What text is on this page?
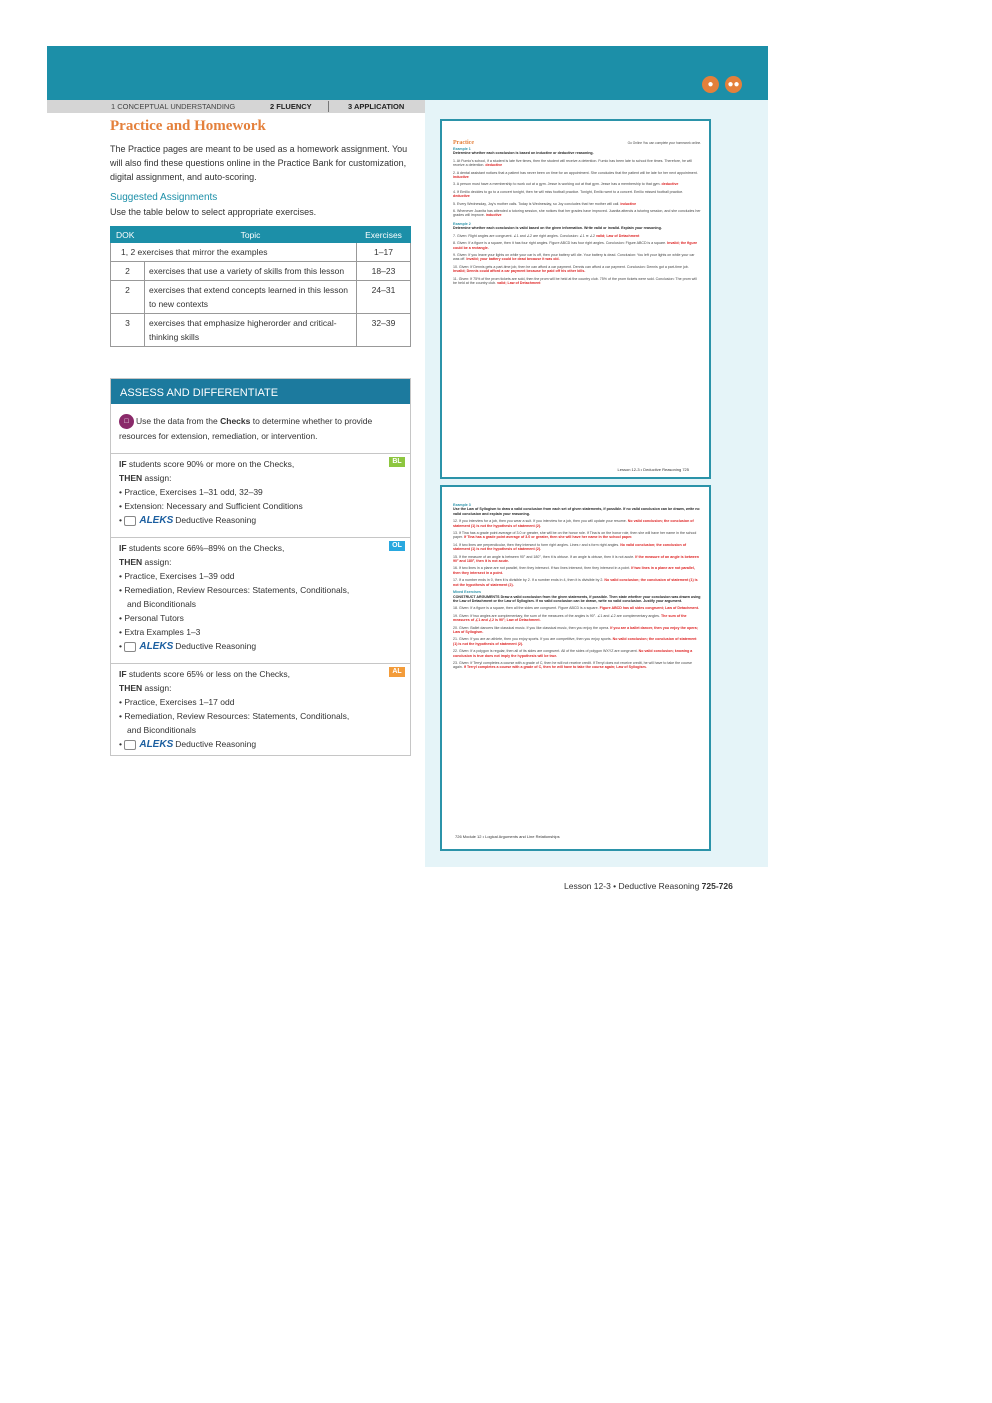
●	●●
3 REFLECT AND PRACTICE
1 CONCEPTUAL UNDERSTANDING	2 FLUENCY	3 APPLICATION
Practice	Go Online You can complete your homework online.
Example 1

Determine whether each conclusion is based on inductive or deductive reasoning.

1. At Fumio's school, if a student is late five times, then the student will receive a detention. Fumio has been late to school five times. Therefore, he will receive a detention. deductive

2. A dental assistant notices that a patient has never been on time for an appointment. She concludes that the patient will be late for her next appointment. inductive

3. A person must have a membership to work out at a gym. Jesse is working out at that gym. Jesse has a membership to that gym. deductive

4. If Emilio decides to go to a concert tonight, then he will miss football practice. Tonight, Emilio went to a concert. Emilio missed football practice. deductive

5. Every Wednesday, Joy's mother calls. Today is Wednesday, so Joy concludes that her mother will call. inductive

6. Whenever Juanita has attended a tutoring session, she notices that her grades have improved. Juanita attends a tutoring session, and she concludes her grades will improve. inductive

Example 2

Determine whether each conclusion is valid based on the given information. Write valid or invalid. Explain your reasoning.

7. Given: Right angles are congruent. ∠1 and ∠2 are right angles. Conclusion: ∠1 ≅ ∠2 valid; Law of Detachment

8. Given: If a figure is a square, then it has four right angles. Figure ABCD has four right angles. Conclusion: Figure ABCD is a square. Invalid; the figure could be a rectangle.

9. Given: If you leave your lights on while your car is off, then your battery will die. Your battery is dead. Conclusion: You left your lights on while your car was off. Invalid; your battery could be dead because it was old.

10. Given: If Dennis gets a part-time job, then he can afford a car payment. Dennis can afford a car payment. Conclusion: Dennis got a part-time job. Invalid; Dennis could afford a car payment because he paid off his other bills.

11. Given: If 75% of the prom tickets are sold, then the prom will be held at the country club. 75% of the prom tickets were sold. Conclusion: The prom will be held at the country club. valid; Law of Detachment

Lesson 12-3 • Deductive Reasoning 725
Example 3

Use the Law of Syllogism to draw a valid conclusion from each set of given statements, if possible. If no valid conclusion can be drawn, write no valid conclusion and explain your reasoning.

12. If you interview for a job, then you wear a suit. If you interview for a job, then you will update your resume. No valid conclusion; the conclusion of statement (1) is not the hypothesis of statement (2).

13. If Tina has a grade point average of 3.0 or greater, she will be on the honor role. If Tina is on the honor role, then she will have her name in the school paper. If Tina has a grade point average of 3.0 or greater, then she will have her name in the school paper.

14. If two lines are perpendicular, then they intersect to form right angles. Lines r and s form right angles. No valid conclusion; the conclusion of statement (1) is not the hypothesis of statement (2).

15. If the measure of an angle is between 90° and 180°, then it is obtuse. If an angle is obtuse, then it is not acute. If the measure of an angle is between 90° and 180°, then it is not acute.

16. If two lines in a plane are not parallel, then they intersect. If two lines intersect, then they intersect in a point. If two lines in a plane are not parallel, then they intersect in a point.

17. If a number ends in 0, then it is divisible by 2. If a number ends in 4, then it is divisible by 2. No valid conclusion; the conclusion of statement (1) is not the hypothesis of statement (2).

Mixed Exercises

CONSTRUCT ARGUMENTS Draw a valid conclusion from the given statements, if possible. Then state whether your conclusion was drawn using the Law of Detachment or the Law of Syllogism. If no valid conclusion can be drawn, write no valid conclusion. Justify your argument.

18. Given: If a figure is a square, then all the sides are congruent. Figure ABCD is a square. Figure ABCD has all sides congruent; Law of Detachment.

19. Given: If two angles are complementary, the sum of the measures of the angles is 90°. ∠1 and ∠2 are complementary angles. The sum of the measures of ∠1 and ∠2 is 90°; Law of Detachment.

20. Given: Ballet dancers like classical music. If you like classical music, then you enjoy the opera. If you are a ballet dancer, then you enjoy the opera; Law of Syllogism.

21. Given: If you are an athlete, then you enjoy sports. If you are competitive, then you enjoy sports. No valid conclusion; the conclusion of statement (1) is not the hypothesis of statement (2).

22. Given: If a polygon is regular, then all of its sides are congruent. All of the sides of polygon WXYZ are congruent. No valid conclusion; knowing a conclusion is true does not imply the hypothesis will be true.

23. Given: If Terryl completes a course with a grade of C, then he will not receive credit. If Terryl does not receive credit, he will have to take the course again. If Terryl completes a course with a grade of C, then he will have to take the course again; Law of Syllogism.

726 Module 12 • Logical Arguments and Line Relationships
Practice and Homework
The Practice pages are meant to be used as a homework assignment. You will also find these questions online in the Practice Bank for customization, digital assignment, and auto-scoring.
Suggested Assignments
Use the table below to select appropriate exercises.
DOK	Topic	Exercises
1, 2 exercises that mirror the examples		1–17
2	exercises that use a variety of skills from this lesson	18–23
2	exercises that extend concepts learned in this lesson to new contexts	24–31
3	exercises that emphasize higherorder and critical-thinking skills	32–39
ASSESS AND DIFFERENTIATE
□ Use the data from the Checks to determine whether to provide resources for extension, remediation, or intervention.
IF students score 90% or more on the Checks,
THEN assign:
• Practice, Exercises 1–31 odd, 32–39
• Extension: Necessary and Sufficient Conditions
• ALEKS Deductive Reasoning
BL
IF students score 66%–89% on the Checks,
THEN assign:
• Practice, Exercises 1–39 odd
• Remediation, Review Resources: Statements, Conditionals,
and Biconditionals
• Personal Tutors
• Extra Examples 1–3
• ALEKS Deductive Reasoning
OL
IF students score 65% or less on the Checks,
THEN assign:
• Practice, Exercises 1–17 odd
• Remediation, Review Resources: Statements, Conditionals,
and Biconditionals
• ALEKS Deductive Reasoning
AL
Lesson 12-3 • Deductive Reasoning 725-726
